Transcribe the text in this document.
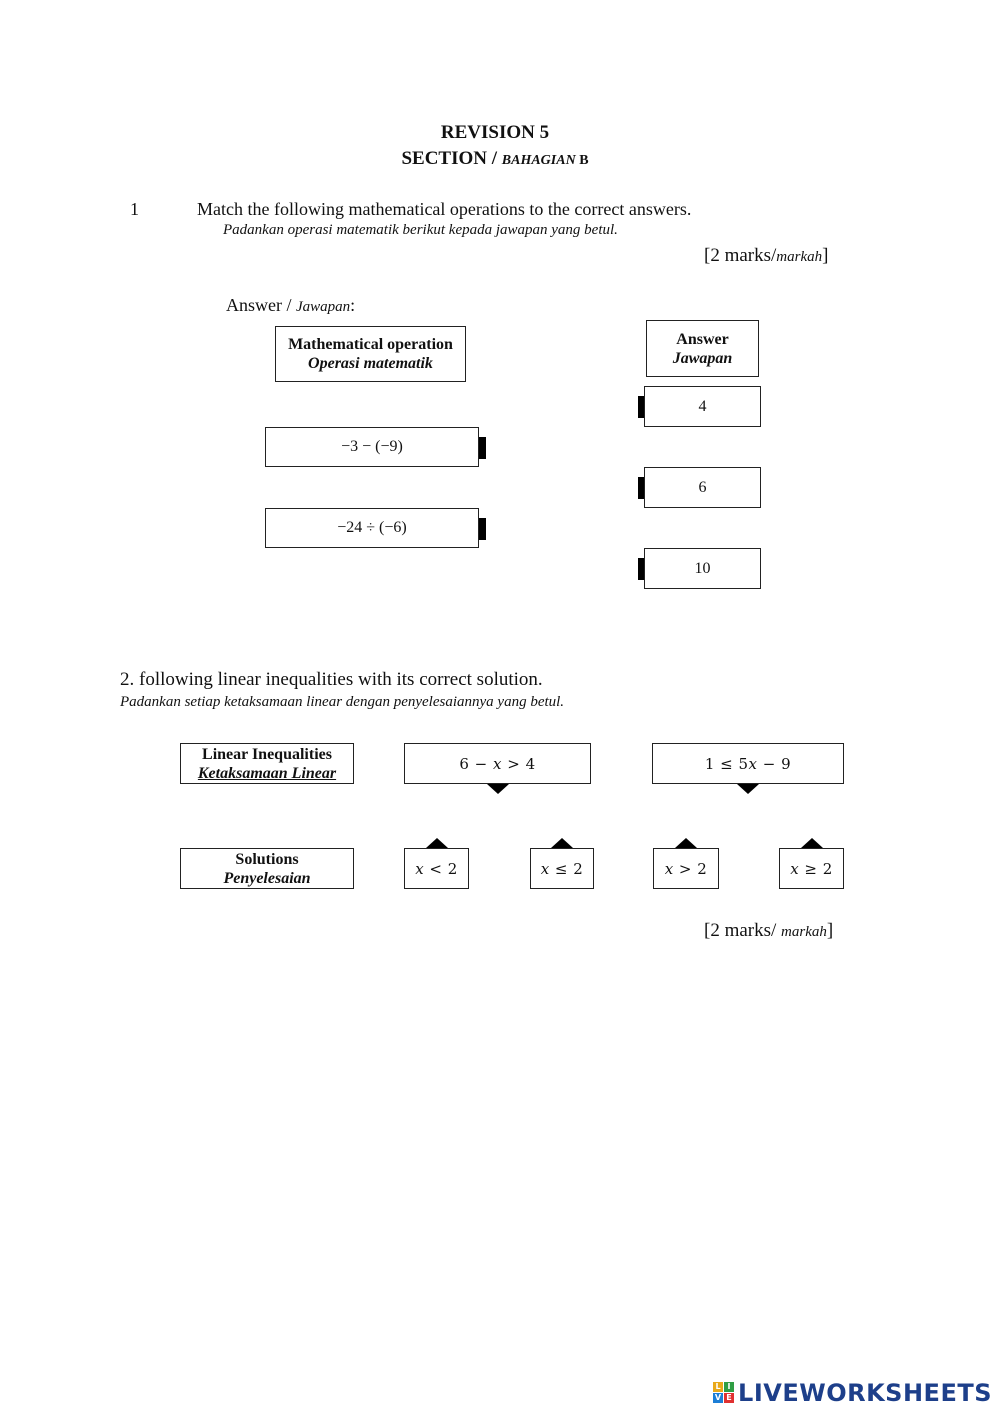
REVISION 5
SECTION / BAHAGIAN B
1	Match the following mathematical operations to the correct answers.
Padankan operasi matematik berikut kepada jawapan yang betul.
[2 marks/markah]
Answer / Jawapan:
Mathematical operation
Operasi matematik
Answer
Jawapan
−3 − (−9)
−24 ÷ (−6)
4
6
10
2. following linear inequalities with its correct solution.
Padankan setiap ketaksamaan linear dengan penyelesaiannya yang betul.
Linear Inequalities
Ketaksamaan Linear
6 − x > 4	1 ≤ 5x − 9
Solutions
Penyelesaian
x < 2	x ≤ 2	x > 2	x ≥ 2
[2 marks/ markah]
L I
V E LIVEWORKSHEETS
